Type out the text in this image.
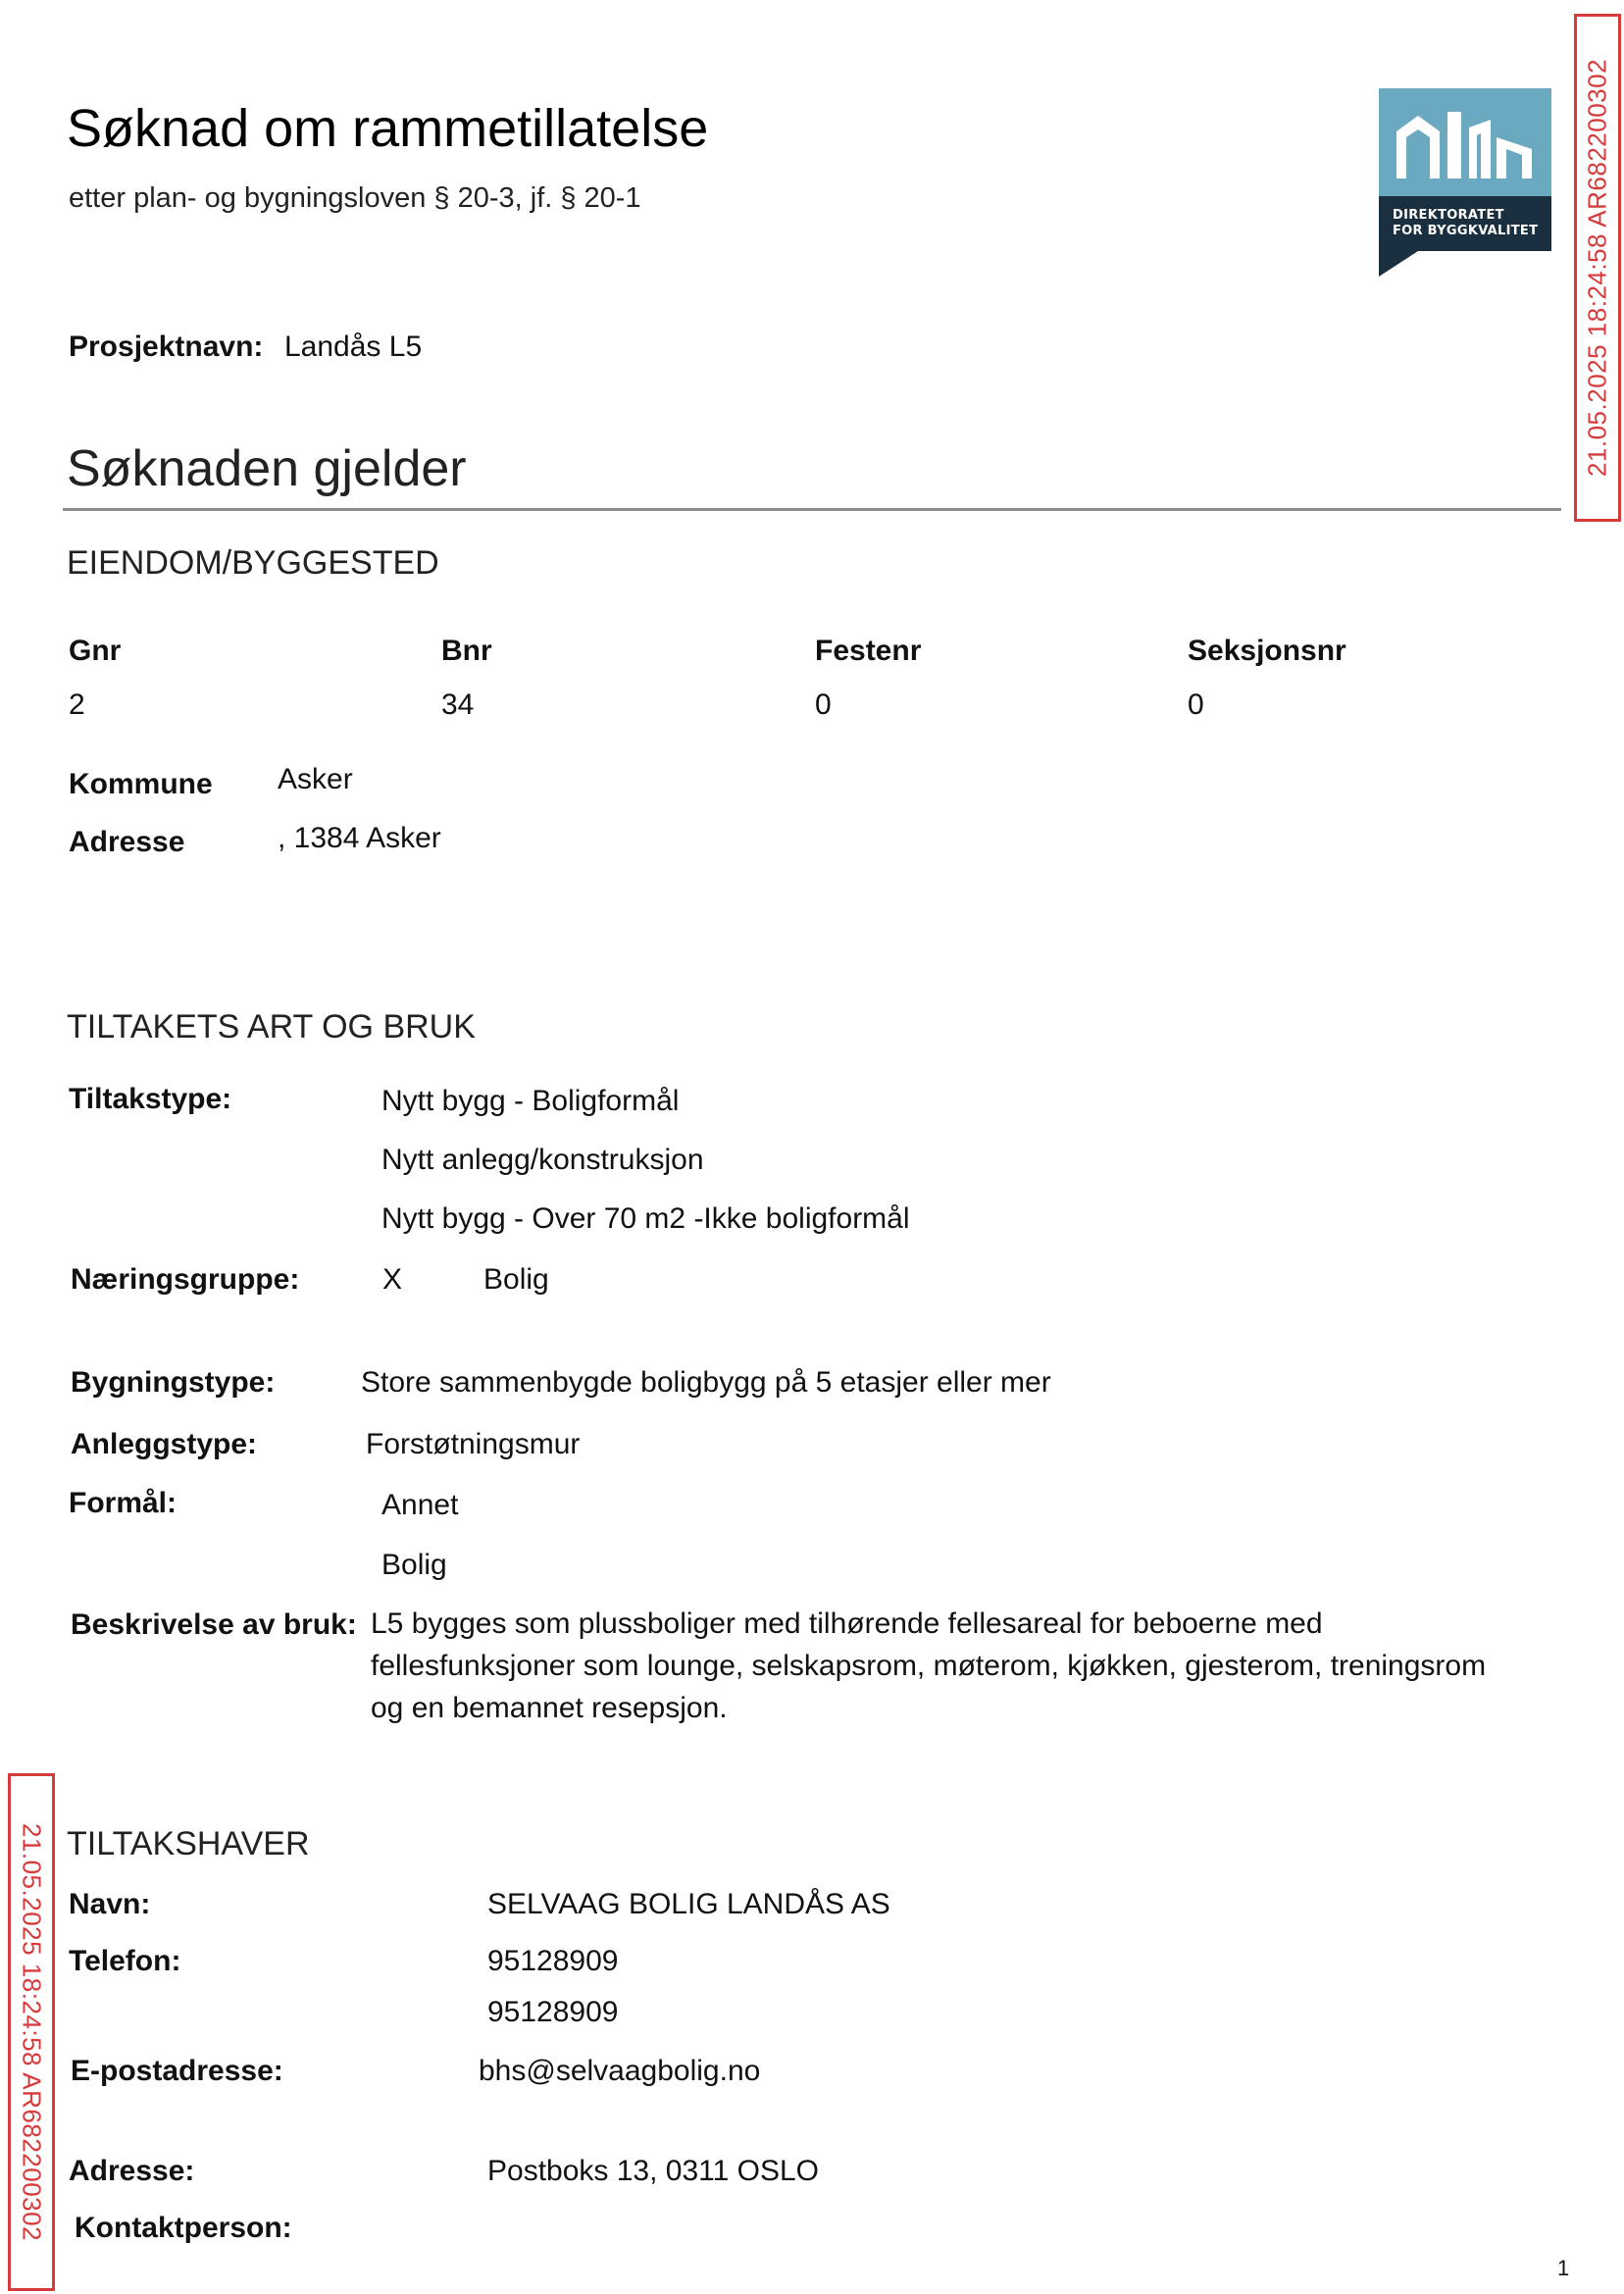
Søknad om rammetillatelse
etter plan- og bygningsloven § 20-3, jf. § 20-1
DIREKTORATET
FOR BYGGKVALITET 21.05.2025 18:24:58 AR682200302
Prosjektnavn: Landås L5
Søknaden gjelder
EIENDOM/BYGGESTED
Gnr	Bnr	Festenr	Seksjonsnr
2	34	0	0
Kommune Asker
Adresse	, 1384 Asker
TILTAKETS ART OG BRUK
Tiltakstype:	Nytt bygg - Boligformål
Nytt anlegg/konstruksjon
Nytt bygg - Over 70 m2 -Ikke boligformål
Næringsgruppe:	X	Bolig
Bygningstype:	Store sammenbygde boligbygg på 5 etasjer eller mer
Anleggstype:	Forstøtningsmur
Formål:	Annet
Bolig
Beskrivelse av bruk: L5 bygges som plussboliger med tilhørende fellesareal for beboerne med fellesfunksjoner som lounge, selskapsrom, møterom, kjøkken, gjesterom, treningsrom og en bemannet resepsjon.
21.05.2025 18:24:58 AR682200302 TILTAKSHAVER
Navn:	SELVAAG BOLIG LANDÅS AS
Telefon:	95128909
95128909
E-postadresse:	bhs@selvaagbolig.no
Adresse:	Postboks 13, 0311 OSLO
Kontaktperson:
1
